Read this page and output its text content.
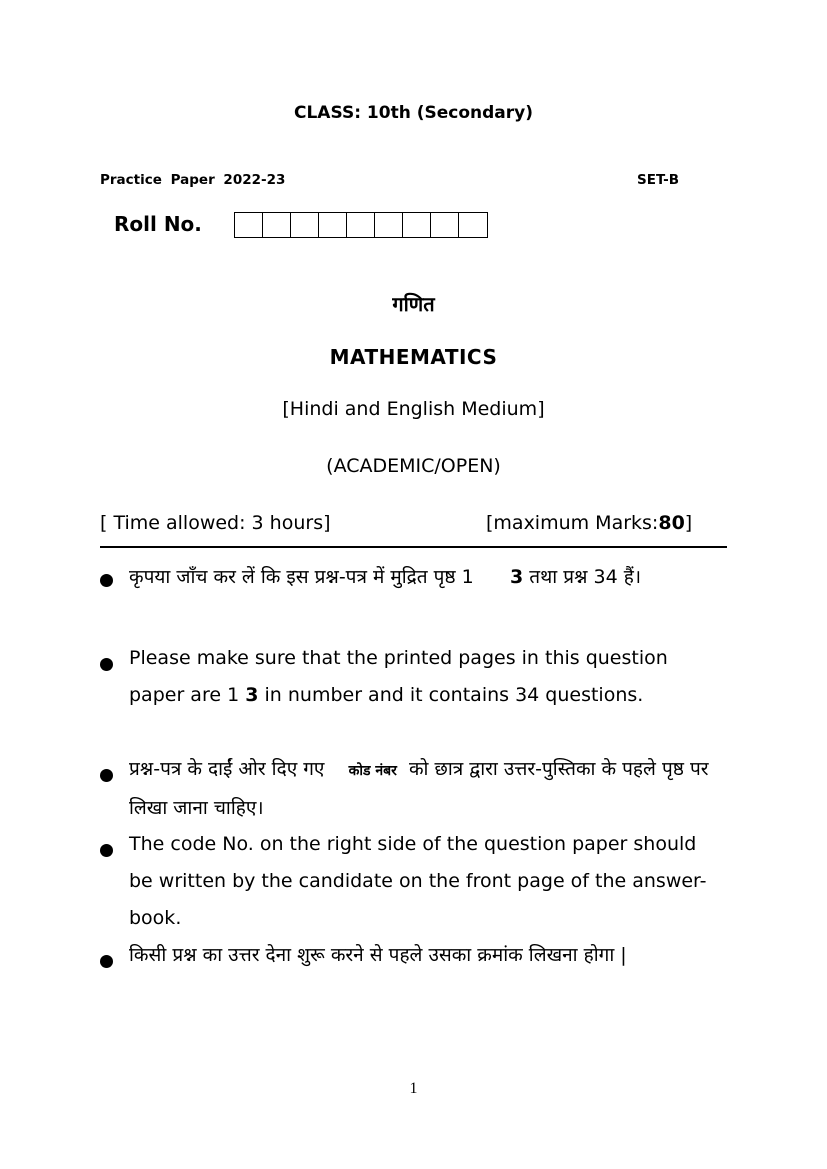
CLASS: 10th (Secondary)
Practice Paper 2022-23	SET-B
Roll No.
गणित
MATHEMATICS
[Hindi and English Medium]
(ACADEMIC/OPEN)
[ Time allowed: 3 hours]	[maximum Marks:80]
कृपया जाँच कर लें कि इस प्रश्न-पत्र में मुद्रित पृष्ठ 1 3 तथा प्रश्न 34 हैं।
Please make sure that the printed pages in this question paper are 1 3 in number and it contains 34 questions.
प्रश्न-पत्र के दाईं ओर दिए गए कोड नंबर को छात्र द्वारा उत्तर-पुस्तिका के पहले पृष्ठ पर लिखा जाना चाहिए।
The code No. on the right side of the question paper should be written by the candidate on the front page of the answer-book.
किसी प्रश्न का उत्तर देना शुरू करने से पहले उसका क्रमांक लिखना होगा |
1
